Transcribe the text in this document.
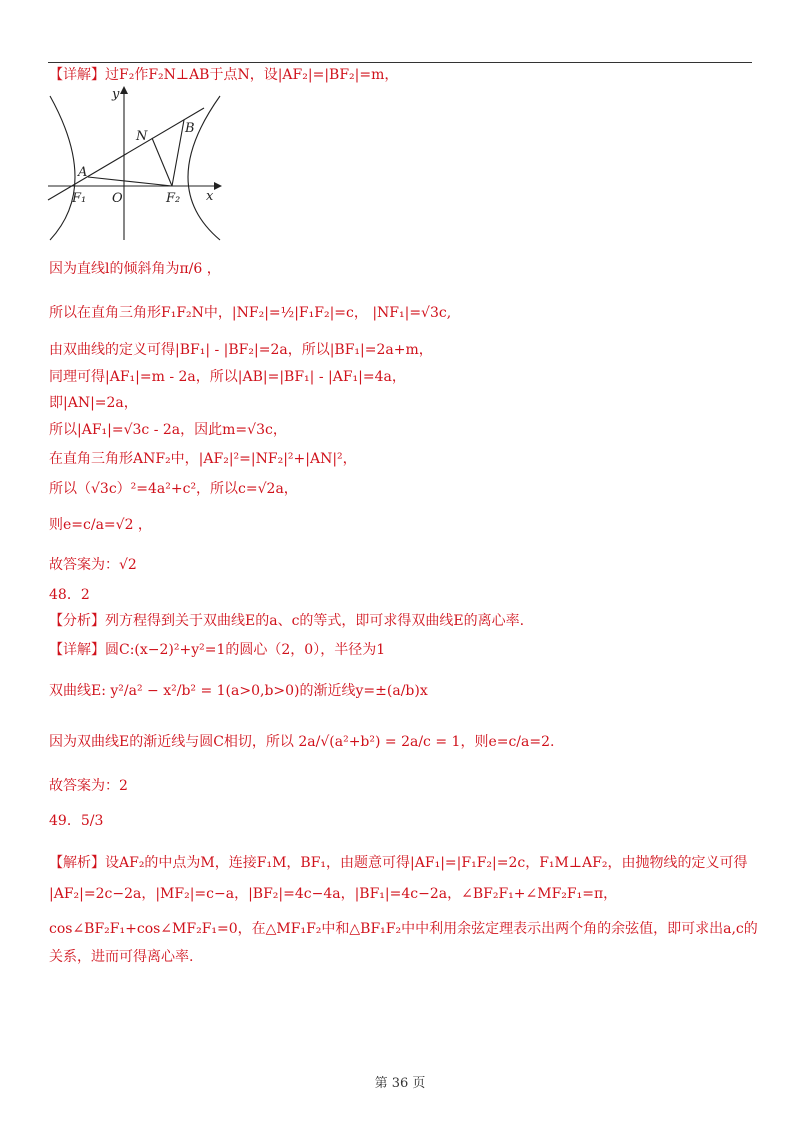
【详解】过F₂作F₂N⊥AB于点N，设|AF₂|=|BF₂|=m，
y
x
O
A
B
N
F₁	F₂
因为直线l的倾斜角为π/6 ，
所以在直角三角形F₁F₂N中，|NF₂|=½|F₁F₂|=c， |NF₁|=√3c,
由双曲线的定义可得|BF₁| - |BF₂|=2a，所以|BF₁|=2a+m，
同理可得|AF₁|=m - 2a，所以|AB|=|BF₁| - |AF₁|=4a，
即|AN|=2a，
所以|AF₁|=√3c - 2a，因此m=√3c，
在直角三角形ANF₂中，|AF₂|²=|NF₂|²+|AN|²，
所以（√3c）²=4a²+c²，所以c=√2a，
则e=c/a=√2 ，
故答案为：√2
48．2
【分析】列方程得到关于双曲线E的a、c的等式，即可求得双曲线E的离心率.
【详解】圆C:(x−2)²+y²=1的圆心（2，0），半径为1
双曲线E: y²/a² − x²/b² = 1(a>0,b>0)的渐近线y=±(a/b)x
因为双曲线E的渐近线与圆C相切，所以 2a/√(a²+b²) = 2a/c = 1，则e=c/a=2.
故答案为：2
49．5/3
【解析】设AF₂的中点为M，连接F₁M，BF₁，由题意可得|AF₁|=|F₁F₂|=2c，F₁M⊥AF₂，由抛物线的定义可得
|AF₂|=2c−2a，|MF₂|=c−a，|BF₂|=4c−4a，|BF₁|=4c−2a，∠BF₂F₁+∠MF₂F₁=π，
cos∠BF₂F₁+cos∠MF₂F₁=0，在△MF₁F₂中和△BF₁F₂中中利用余弦定理表示出两个角的余弦值，即可求出a,c的
关系，进而可得离心率.
第 36 页
